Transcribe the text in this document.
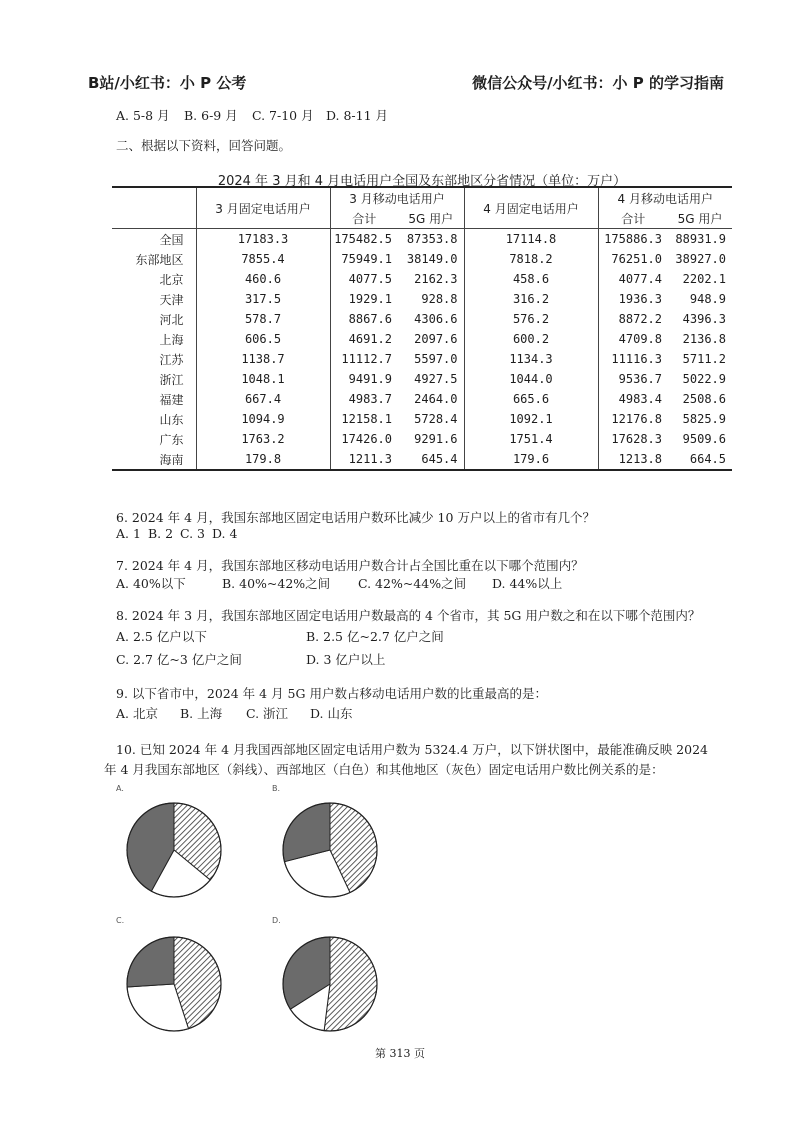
B站/小红书：小 P 公考	微信公众号/小红书：小 P 的学习指南
A. 5-8 月 B. 6-9 月 C. 7-10 月 D. 8-11 月
二、根据以下资料，回答问题。
2024 年 3 月和 4 月电话用户全国及东部地区分省情况（单位：万户）
	3 月固定电话用户	3 月移动电话用户		4 月固定电话用户	4 月移动电话用户	
		合计	5G 用户		合计	5G 用户
全国	17183.3	175482.5	87353.8	17114.8	175886.3	88931.9
东部地区	7855.4	75949.1	38149.0	7818.2	76251.0	38927.0
北京	460.6	4077.5	2162.3	458.6	4077.4	2202.1
天津	317.5	1929.1	928.8	316.2	1936.3	948.9
河北	578.7	8867.6	4306.6	576.2	8872.2	4396.3
上海	606.5	4691.2	2097.6	600.2	4709.8	2136.8
江苏	1138.7	11112.7	5597.0	1134.3	11116.3	5711.2
浙江	1048.1	9491.9	4927.5	1044.0	9536.7	5022.9
福建	667.4	4983.7	2464.0	665.6	4983.4	2508.6
山东	1094.9	12158.1	5728.4	1092.1	12176.8	5825.9
广东	1763.2	17426.0	9291.6	1751.4	17628.3	9509.6
海南	179.8	1211.3	645.4	179.6	1213.8	664.5
6. 2024 年 4 月，我国东部地区固定电话用户数环比减少 10 万户以上的省市有几个？
A. 1 B. 2 C. 3 D. 4
7. 2024 年 4 月，我国东部地区移动电话用户数合计占全国比重在以下哪个范围内？
A. 40%以下	B. 40%~42%之间 C. 42%~44%之间 D. 44%以上
8. 2024 年 3 月，我国东部地区固定电话用户数最高的 4 个省市，其 5G 用户数之和在以下哪个范围内？
A. 2.5 亿户以下	B. 2.5 亿~2.7 亿户之间
C. 2.7 亿~3 亿户之间	D. 3 亿户以上
9. 以下省市中，2024 年 4 月 5G 用户数占移动电话用户数的比重最高的是：
A. 北京 B. 上海 C. 浙江 D. 山东
10. 已知 2024 年 4 月我国西部地区固定电话用户数为 5324.4 万户，以下饼状图中，最能准确反映 2024
年 4 月我国东部地区（斜线）、西部地区（白色）和其他地区（灰色）固定电话用户数比例关系的是：
A.	B.
C.	D.
第 313 页
